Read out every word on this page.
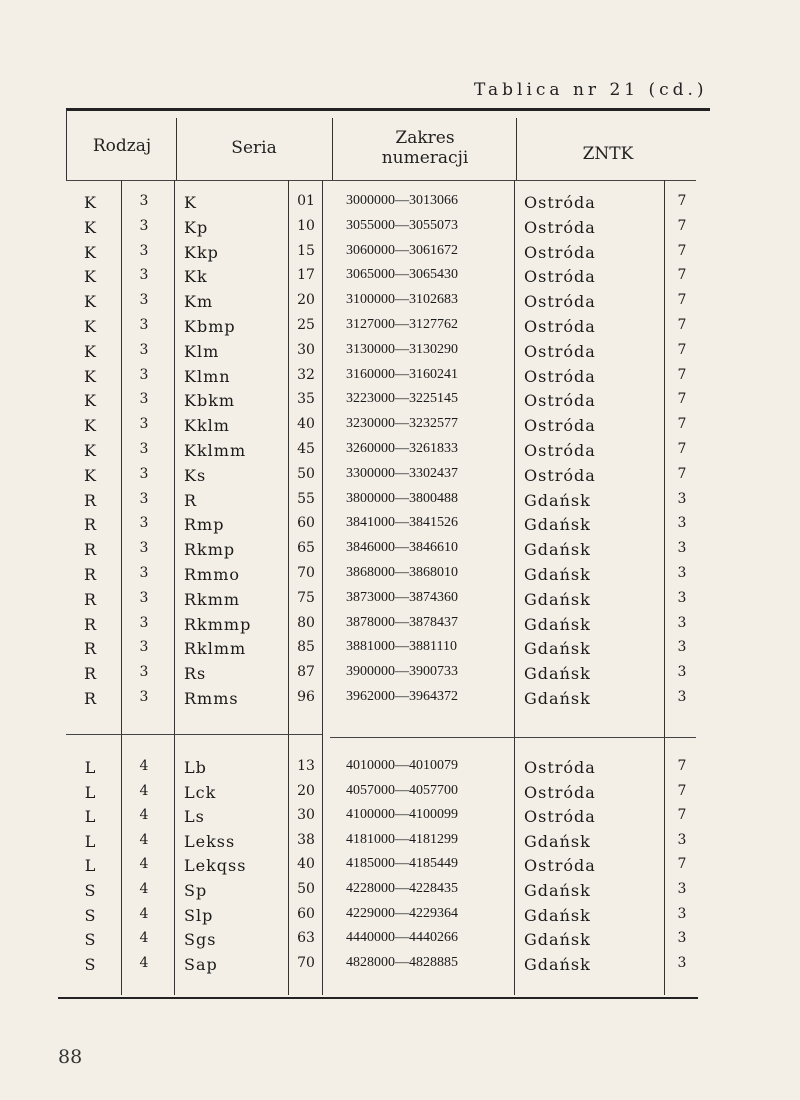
Tablica nr 21 (cd.)
Rodzaj	Seria	Zakres
numeracji	ZNTK
K	3	K	01	3000000—3013066	Ostróda	7
K	3	Kp	10	3055000—3055073	Ostróda	7
K	3	Kkp	15	3060000—3061672	Ostróda	7
K	3	Kk	17	3065000—3065430	Ostróda	7
K	3	Km	20	3100000—3102683	Ostróda	7
K	3	Kbmp	25	3127000—3127762	Ostróda	7
K	3	Klm	30	3130000—3130290	Ostróda	7
K	3	Klmn	32	3160000—3160241	Ostróda	7
K	3	Kbkm	35	3223000—3225145	Ostróda	7
K	3	Kklm	40	3230000—3232577	Ostróda	7
K	3	Kklmm	45	3260000—3261833	Ostróda	7
K	3	Ks	50	3300000—3302437	Ostróda	7
R	3	R	55	3800000—3800488	Gdańsk	3
R	3	Rmp	60	3841000—3841526	Gdańsk	3
R	3	Rkmp	65	3846000—3846610	Gdańsk	3
R	3	Rmmo	70	3868000—3868010	Gdańsk	3
R	3	Rkmm	75	3873000—3874360	Gdańsk	3
R	3	Rkmmp	80	3878000—3878437	Gdańsk	3
R	3	Rklmm	85	3881000—3881110	Gdańsk	3
R	3	Rs	87	3900000—3900733	Gdańsk	3
R	3	Rmms	96	3962000—3964372	Gdańsk	3
L	4	Lb	13	4010000—4010079	Ostróda	7
L	4	Lck	20	4057000—4057700	Ostróda	7
L	4	Ls	30	4100000—4100099	Ostróda	7
L	4	Lekss	38	4181000—4181299	Gdańsk	3
L	4	Lekqss	40	4185000—4185449	Ostróda	7
S	4	Sp	50	4228000—4228435	Gdańsk	3
S	4	Slp	60	4229000—4229364	Gdańsk	3
S	4	Sgs	63	4440000—4440266	Gdańsk	3
S	4	Sap	70	4828000—4828885	Gdańsk	3
88
